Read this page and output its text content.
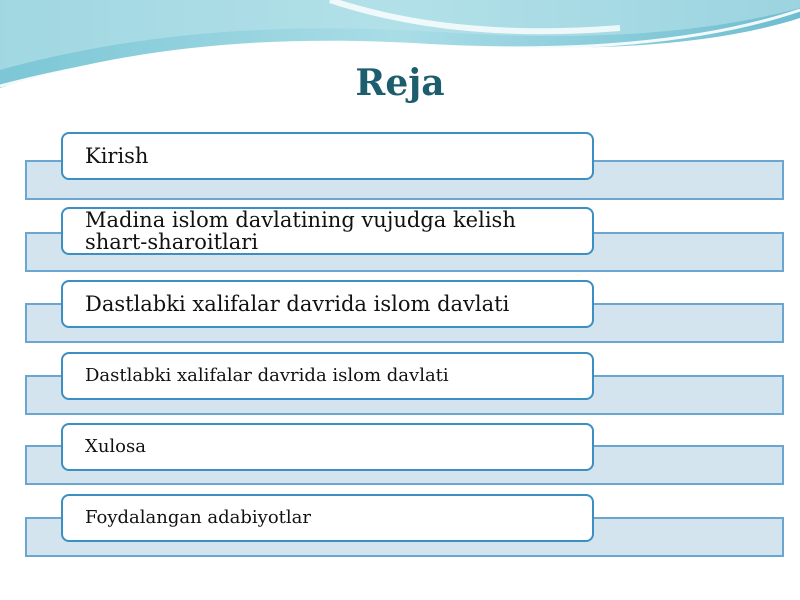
Reja
Kirish
Madina islom davlatining vujudga kelish shart-sharoitlari
Dastlabki xalifalar davrida islom davlati
Dastlabki xalifalar davrida islom davlati
Xulosa
Foydalangan adabiyotlar
